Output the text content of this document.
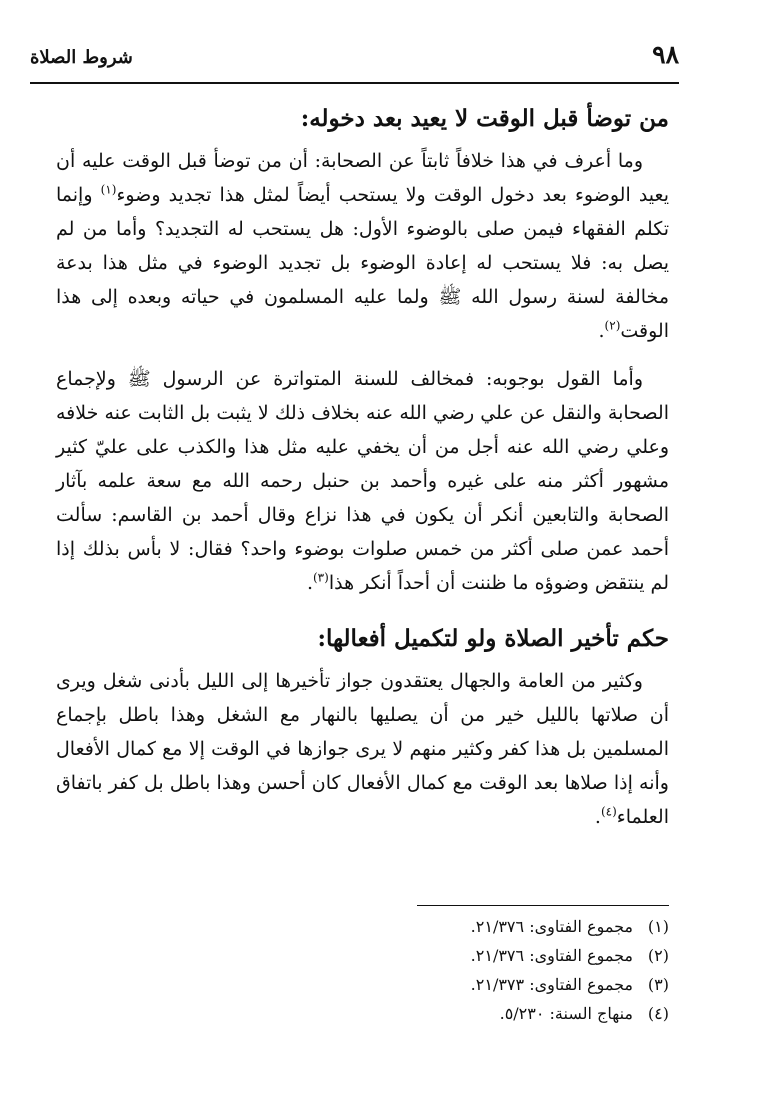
٩٨
شروط الصلاة
من توضأ قبل الوقت لا يعيد بعد دخوله:

وما أعرف في هذا خلافاً ثابتاً عن الصحابة: أن من توضأ قبل الوقت عليه أن يعيد الوضوء بعد دخول الوقت ولا يستحب أيضاً لمثل هذا تجديد وضوء$^{(١)}$ وإنما تكلم الفقهاء فيمن صلى بالوضوء الأول: هل يستحب له التجديد؟ وأما من لم يصل به: فلا يستحب له إعادة الوضوء بل تجديد الوضوء في مثل هذا بدعة مخالفة لسنة رسول الله ﷺ ولما عليه المسلمون في حياته وبعده إلى هذا الوقت$^{(٢)}$.

وأما القول بوجوبه: فمخالف للسنة المتواترة عن الرسول ﷺ ولإجماع الصحابة والنقل عن علي رضي الله عنه بخلاف ذلك لا يثبت بل الثابت عنه خلافه وعلي رضي الله عنه أجل من أن يخفي عليه مثل هذا والكذب على عليّ كثير مشهور أكثر منه على غيره وأحمد بن حنبل رحمه الله مع سعة علمه بآثار الصحابة والتابعين أنكر أن يكون في هذا نزاع وقال أحمد بن القاسم: سألت أحمد عمن صلى أكثر من خمس صلوات بوضوء واحد؟ فقال: لا بأس بذلك إذا لم ينتقض وضوؤه ما ظننت أن أحداً أنكر هذا$^{(٣)}$.

حكم تأخير الصلاة ولو لتكميل أفعالها:

وكثير من العامة والجهال يعتقدون جواز تأخيرها إلى الليل بأدنى شغل ويرى أن صلاتها بالليل خير من أن يصليها بالنهار مع الشغل وهذا باطل بإجماع المسلمين بل هذا كفر وكثير منهم لا يرى جوازها في الوقت إلا مع كمال الأفعال وأنه إذا صلاها بعد الوقت مع كمال الأفعال كان أحسن وهذا باطل بل كفر باتفاق العلماء$^{(٤)}$.

(١)مجموع الفتاوى: ٢١/٣٧٦.
(٢)مجموع الفتاوى: ٢١/٣٧٦.
(٣)مجموع الفتاوى: ٢١/٣٧٣.
(٤)منهاج السنة: ٥/٢٣٠.
